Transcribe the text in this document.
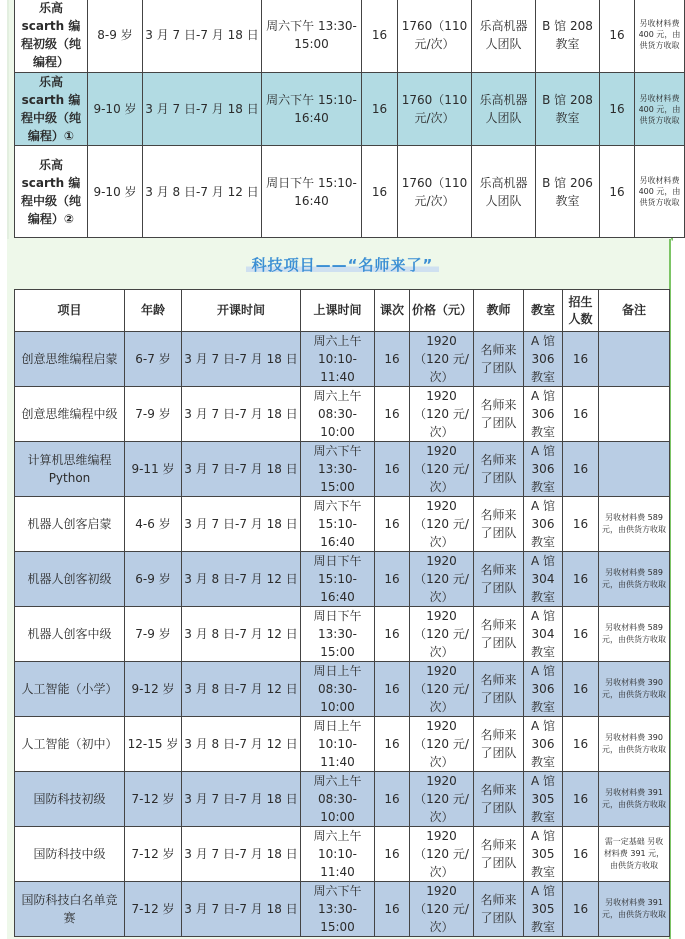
乐高 scarth 编程初级（纯编程）	8-9 岁	3 月 7 日-7 月 18 日	周六下午 13:30-15:00	16	1760（110 元/次）	乐高机器人团队	B 馆 208 教室	16	另收材料费 400 元，由供货方收取
乐高 scarth 编程中级（纯编程）①	9-10 岁	3 月 7 日-7 月 18 日	周六下午 15:10-16:40	16	1760（110 元/次）	乐高机器人团队	B 馆 208 教室	16	另收材料费 400 元，由供货方收取
乐高 scarth 编程中级（纯编程）②	9-10 岁	3 月 8 日-7 月 12 日	周日下午 15:10-16:40	16	1760（110 元/次）	乐高机器人团队	B 馆 206 教室	16	另收材料费 400 元，由供货方收取
科技项目——“名师来了”
项目	年龄	开课时间	上课时间	课次	价格（元）	教师	教室	招生人数	备注
创意思维编程启蒙	6-7 岁	3 月 7 日-7 月 18 日	周六上午 10:10-11:40	16	1920（120 元/次）	名师来了团队	A 馆 306 教室	16	
创意思维编程中级	7-9 岁	3 月 7 日-7 月 18 日	周六上午 08:30-10:00	16	1920（120 元/次）	名师来了团队	A 馆 306 教室	16	
计算机思维编程 Python	9-11 岁	3 月 7 日-7 月 18 日	周六下午 13:30-15:00	16	1920（120 元/次）	名师来了团队	A 馆 306 教室	16	
机器人创客启蒙	4-6 岁	3 月 7 日-7 月 18 日	周六下午 15:10-16:40	16	1920（120 元/次）	名师来了团队	A 馆 306 教室	16	另收材料费 589 元，由供货方收取
机器人创客初级	6-9 岁	3 月 8 日-7 月 12 日	周日下午 15:10-16:40	16	1920（120 元/次）	名师来了团队	A 馆 304 教室	16	另收材料费 589 元，由供货方收取
机器人创客中级	7-9 岁	3 月 8 日-7 月 12 日	周日下午 13:30-15:00	16	1920（120 元/次）	名师来了团队	A 馆 304 教室	16	另收材料费 589 元，由供货方收取
人工智能（小学）	9-12 岁	3 月 8 日-7 月 12 日	周日上午 08:30-10:00	16	1920（120 元/次）	名师来了团队	A 馆 306 教室	16	另收材料费 390 元，由供货方收取
人工智能（初中）	12-15 岁	3 月 8 日-7 月 12 日	周日上午 10:10-11:40	16	1920（120 元/次）	名师来了团队	A 馆 306 教室	16	另收材料费 390 元，由供货方收取
国防科技初级	7-12 岁	3 月 7 日-7 月 18 日	周六上午 08:30-10:00	16	1920（120 元/次）	名师来了团队	A 馆 305 教室	16	另收材料费 391 元，由供货方收取
国防科技中级	7-12 岁	3 月 7 日-7 月 18 日	周六上午 10:10-11:40	16	1920（120 元/次）	名师来了团队	A 馆 305 教室	16	需一定基础 另收材料费 391 元，由供货方收取
国防科技白名单竞赛	7-12 岁	3 月 7 日-7 月 18 日	周六下午 13:30-15:00	16	1920（120 元/次）	名师来了团队	A 馆 305 教室	16	另收材料费 391 元，由供货方收取
